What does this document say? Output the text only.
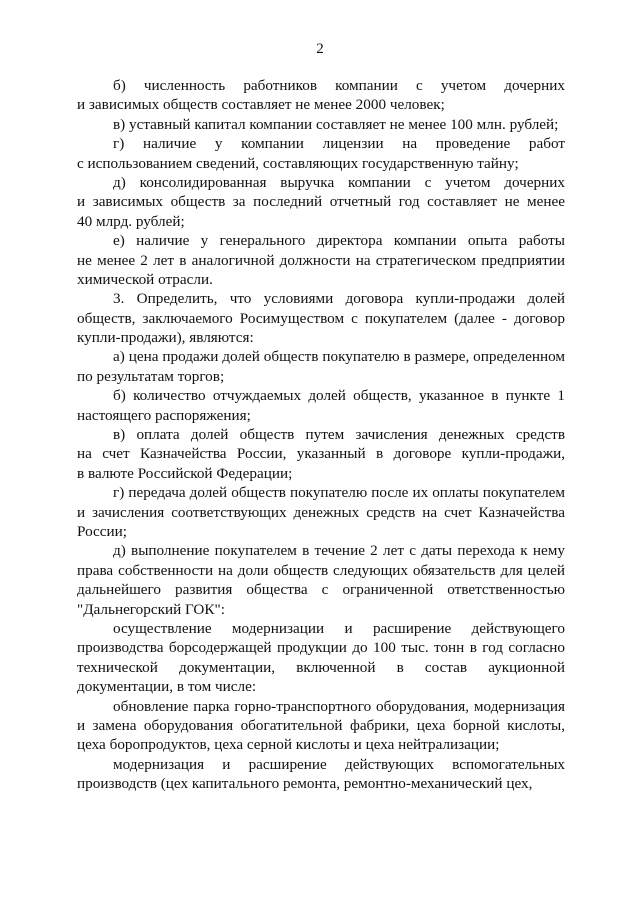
2
б) численность работников компании с учетом дочерних
и зависимых обществ составляет не менее 2000 человек;
в) уставный капитал компании составляет не менее 100 млн. рублей;
г) наличие у компании лицензии на проведение работ
с использованием сведений, составляющих государственную тайну;
д) консолидированная выручка компании с учетом дочерних
и зависимых обществ за последний отчетный год составляет не менее
40 млрд. рублей;
е) наличие у генерального директора компании опыта работы
не менее 2 лет в аналогичной должности на стратегическом предприятии
химической отрасли.
3. Определить, что условиями договора купли-продажи долей
обществ, заключаемого Росимуществом с покупателем (далее - договор
купли-продажи), являются:
а) цена продажи долей обществ покупателю в размере, определенном
по результатам торгов;
б) количество отчуждаемых долей обществ, указанное в пункте 1
настоящего распоряжения;
в) оплата долей обществ путем зачисления денежных средств
на счет Казначейства России, указанный в договоре купли-продажи,
в валюте Российской Федерации;
г) передача долей обществ покупателю после их оплаты покупателем
и зачисления соответствующих денежных средств на счет Казначейства
России;
д) выполнение покупателем в течение 2 лет с даты перехода к нему
права собственности на доли обществ следующих обязательств для целей
дальнейшего развития общества с ограниченной ответственностью
"Дальнегорский ГОК":
осуществление модернизации и расширение действующего
производства борсодержащей продукции до 100 тыс. тонн в год согласно
технической документации, включенной в состав аукционной
документации, в том числе:
обновление парка горно-транспортного оборудования, модернизация
и замена оборудования обогатительной фабрики, цеха борной кислоты,
цеха боропродуктов, цеха серной кислоты и цеха нейтрализации;
модернизация и расширение действующих вспомогательных
производств (цех капитального ремонта, ремонтно-механический цех,
